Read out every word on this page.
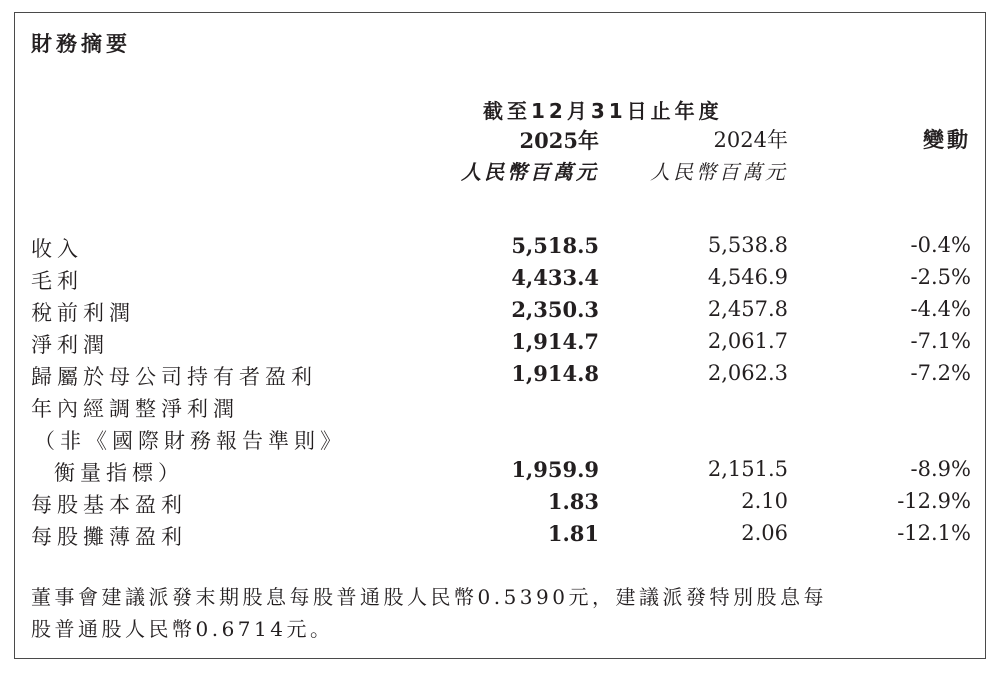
財務摘要
截至12月31日止年度
2025年	2024年	變動
人民幣百萬元	人民幣百萬元
收入	5,518.5	5,538.8	-0.4%
毛利	4,433.4	4,546.9	-2.5%
稅前利潤	2,350.3	2,457.8	-4.4%
淨利潤	1,914.7	2,061.7	-7.1%
歸屬於母公司持有者盈利	1,914.8	2,062.3	-7.2%
年內經調整淨利潤
（非《國際財務報告準則》
衡量指標）	1,959.9	2,151.5	-8.9%
每股基本盈利	1.83	2.10	-12.9%
每股攤薄盈利	1.81	2.06	-12.1%
董事會建議派發末期股息每股普通股人民幣0.5390元，建議派發特別股息每
股普通股人民幣0.6714元。
